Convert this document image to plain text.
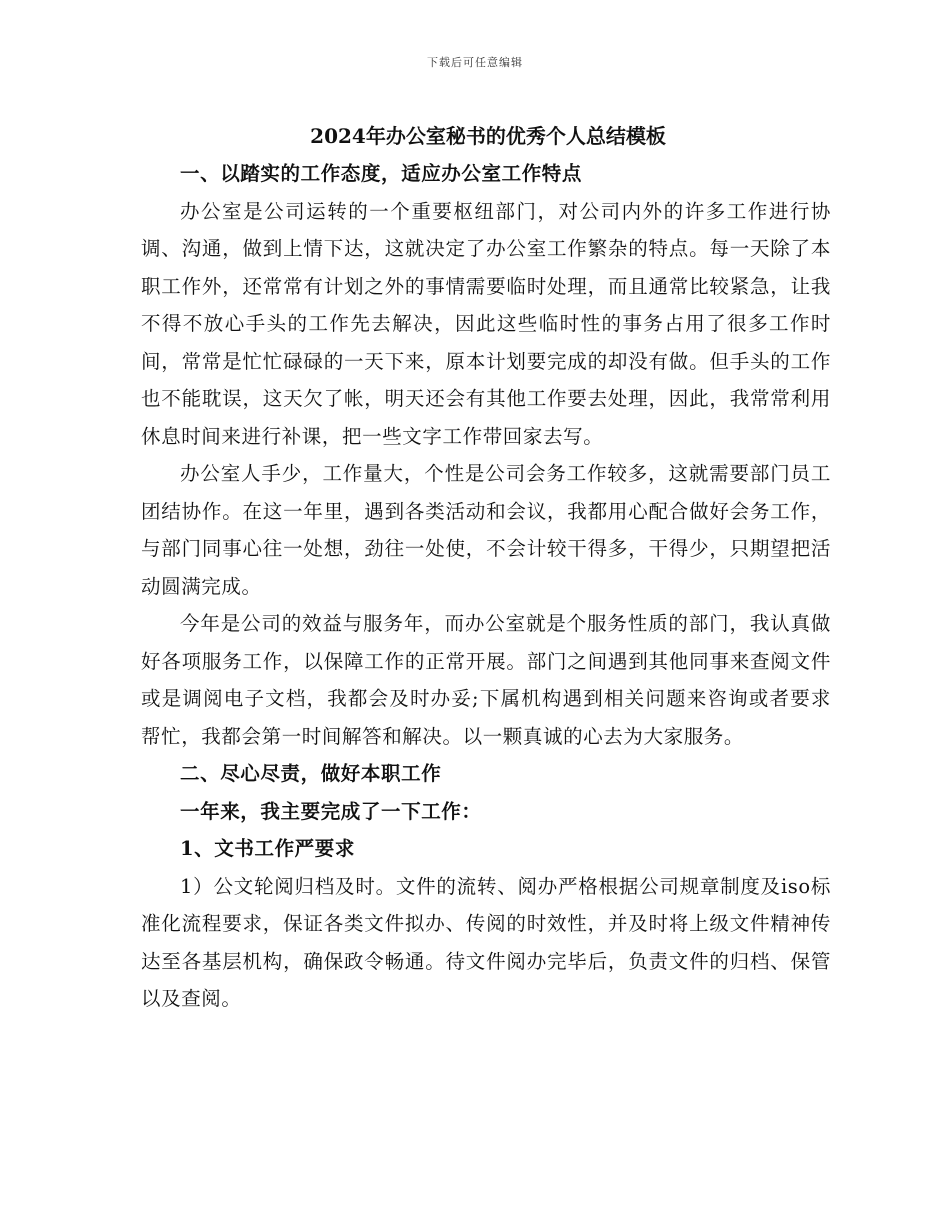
下载后可任意编辑
2024年办公室秘书的优秀个人总结模板

一、以踏实的工作态度，适应办公室工作特点

办公室是公司运转的一个重要枢纽部门，对公司内外的许多工作进行协调、沟通，做到上情下达，这就决定了办公室工作繁杂的特点。每一天除了本职工作外，还常常有计划之外的事情需要临时处理，而且通常比较紧急，让我不得不放心手头的工作先去解决，因此这些临时性的事务占用了很多工作时间，常常是忙忙碌碌的一天下来，原本计划要完成的却没有做。但手头的工作也不能耽误，这天欠了帐，明天还会有其他工作要去处理，因此，我常常利用休息时间来进行补课，把一些文字工作带回家去写。

办公室人手少，工作量大，个性是公司会务工作较多，这就需要部门员工团结协作。在这一年里，遇到各类活动和会议，我都用心配合做好会务工作，与部门同事心往一处想，劲往一处使，不会计较干得多，干得少，只期望把活动圆满完成。

今年是公司的效益与服务年，而办公室就是个服务性质的部门，我认真做好各项服务工作，以保障工作的正常开展。部门之间遇到其他同事来查阅文件或是调阅电子文档，我都会及时办妥;下属机构遇到相关问题来咨询或者要求帮忙，我都会第一时间解答和解决。以一颗真诚的心去为大家服务。

二、尽心尽责，做好本职工作

一年来，我主要完成了一下工作：

1、文书工作严要求

1）公文轮阅归档及时。文件的流转、阅办严格根据公司规章制度及iso标准化流程要求，保证各类文件拟办、传阅的时效性，并及时将上级文件精神传达至各基层机构，确保政令畅通。待文件阅办完毕后，负责文件的归档、保管以及查阅。
